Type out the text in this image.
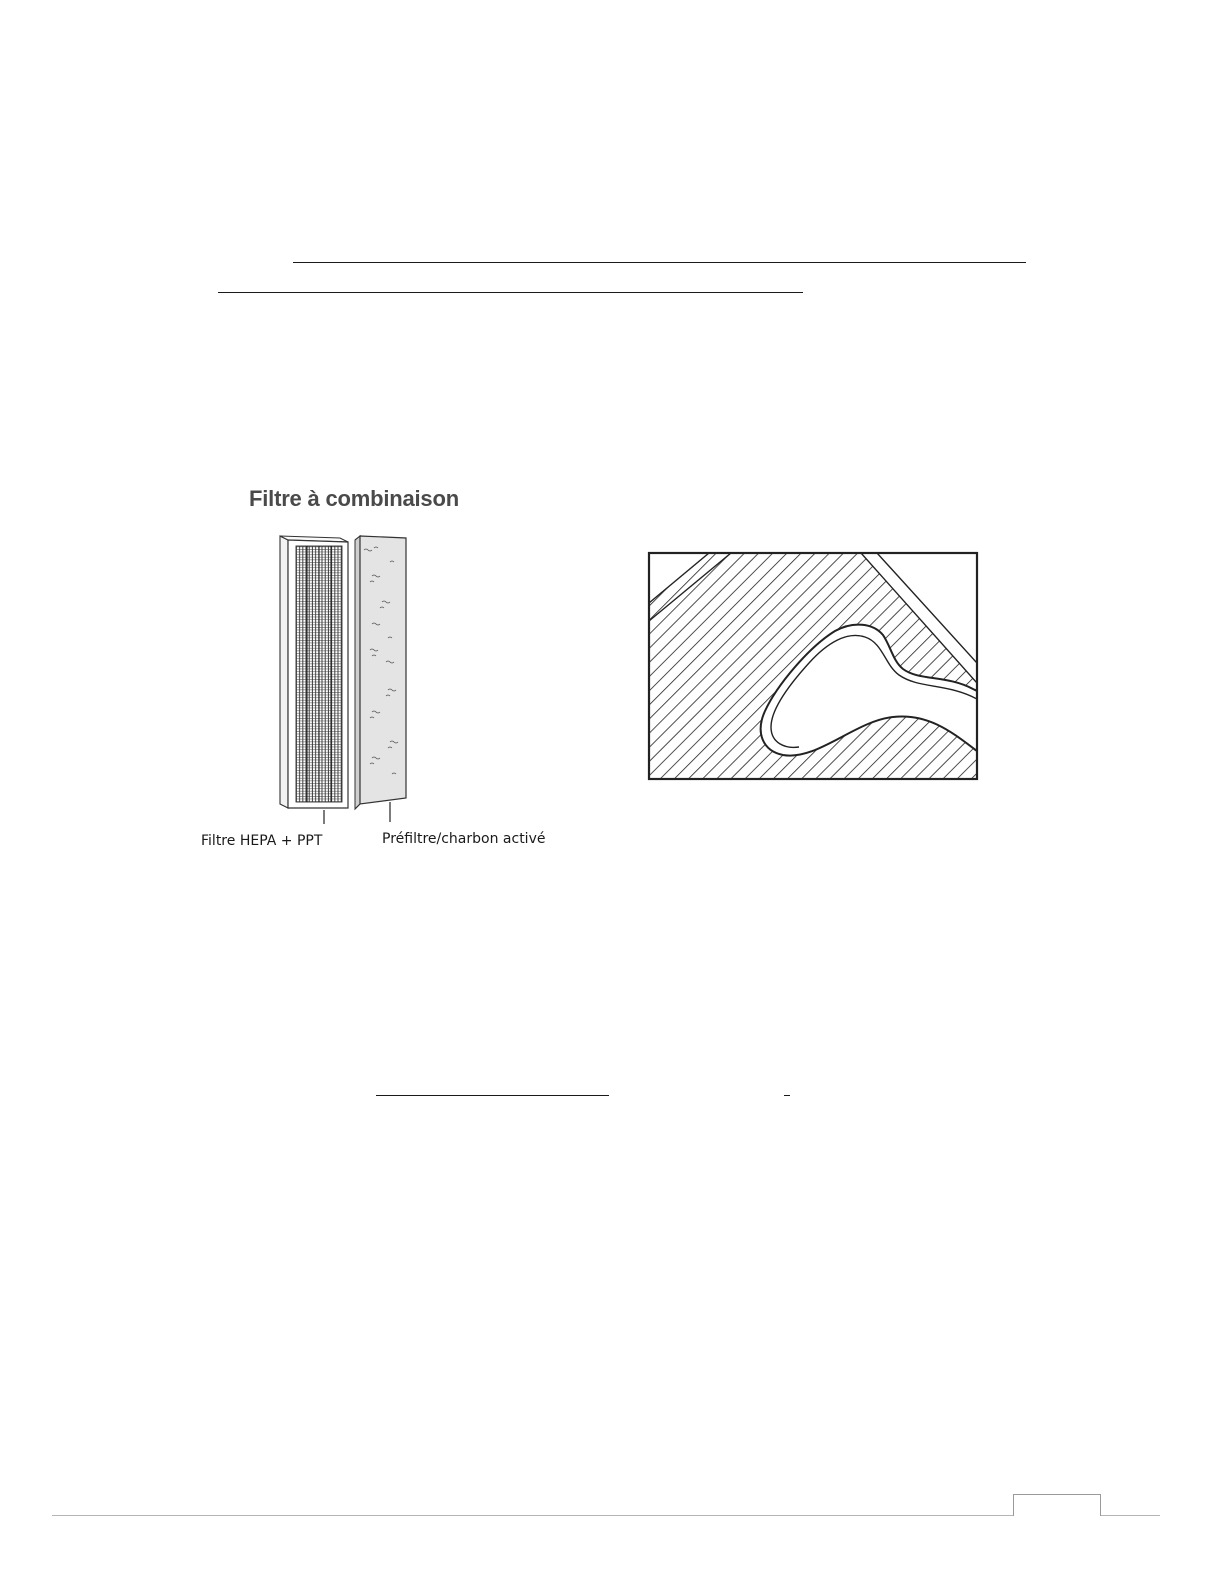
Filtre à combinaison
Filtre HEPA + PPT	Préfiltre/charbon activé
